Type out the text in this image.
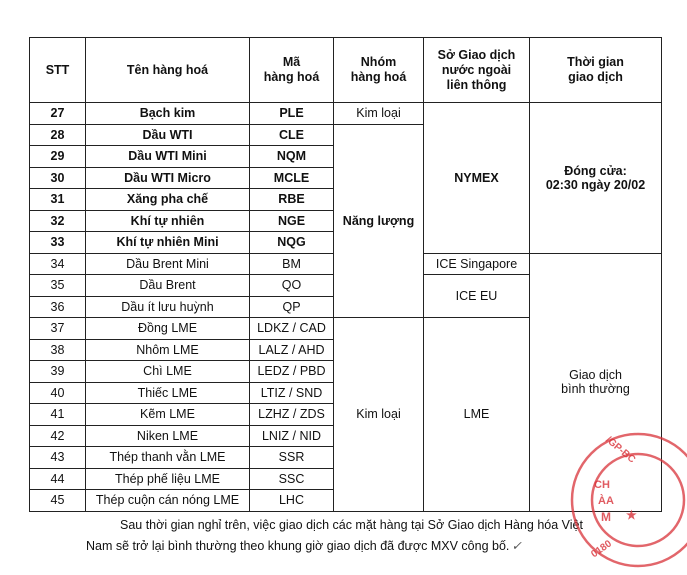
STT	Tên hàng hoá	Mã
hàng hoá	Nhóm
hàng hoá	Sở Giao dịch
nước ngoài
liên thông	Thời gian
giao dịch
27	Bạch kim	PLE	Kim loại	NYMEX	Đóng cửa:
02:30 ngày 20/02
28	Dầu WTI	CLE	Năng lượng		
29	Dầu WTI Mini	NQM			
30	Dầu WTI Micro	MCLE			
31	Xăng pha chế	RBE			
32	Khí tự nhiên	NGE			
33	Khí tự nhiên Mini	NQG			
34	Dầu Brent Mini	BM		ICE Singapore	Giao dịch
bình thường
35	Dầu Brent	QO		ICE EU	
36	Dầu ít lưu huỳnh	QP			
37	Đồng LME	LDKZ / CAD	Kim loại	LME	
38	Nhôm LME	LALZ / AHD			
39	Chì LME	LEDZ / PBD			
40	Thiếc LME	LTIZ / SND			
41	Kẽm LME	LZHZ / ZDS			
42	Niken LME	LNIZ / NID			
43	Thép thanh vằn LME	SSR			
44	Thép phế liệu LME	SSC			
45	Thép cuộn cán nóng LME	LHC			
Sau thời gian nghỉ trên, việc giao dịch các mặt hàng tại Sở Giao dịch Hàng hóa Việt
Nam sẽ trở lại bình thường theo khung giờ giao dịch đã được MXV công bố. ✓
/GP-BC
CH
ÀA
M ★
0180
